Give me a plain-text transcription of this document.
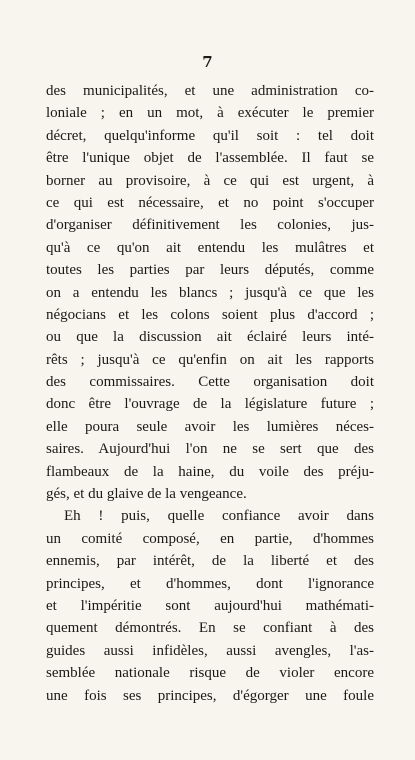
7
des municipalités, et une administration co-
loniale ; en un mot, à exécuter le premier
décret, quelqu'informe qu'il soit : tel doit
être l'unique objet de l'assemblée. Il faut se
borner au provisoire, à ce qui est urgent, à
ce qui est nécessaire, et no point s'occuper
d'organiser définitivement les colonies, jus-
qu'à ce qu'on ait entendu les mulâtres et
toutes les parties par leurs députés, comme
on a entendu les blancs ; jusqu'à ce que les
négocians et les colons soient plus d'accord ;
ou que la discussion ait éclairé leurs inté-
rêts ; jusqu'à ce qu'enfin on ait les rapports
des commissaires. Cette organisation doit
donc être l'ouvrage de la législature future ;
elle poura seule avoir les lumières néces-
saires. Aujourd'hui l'on ne se sert que des
flambeaux de la haine, du voile des préju-
gés, et du glaive de la vengeance.
Eh ! puis, quelle confiance avoir dans
un comité composé, en partie, d'hommes
ennemis, par intérêt, de la liberté et des
principes, et d'hommes, dont l'ignorance
et l'impéritie sont aujourd'hui mathémati-
quement démontrés. En se confiant à des
guides aussi infidèles, aussi avengles, l'as-
semblée nationale risque de violer encore
une fois ses principes, d'égorger une foule
